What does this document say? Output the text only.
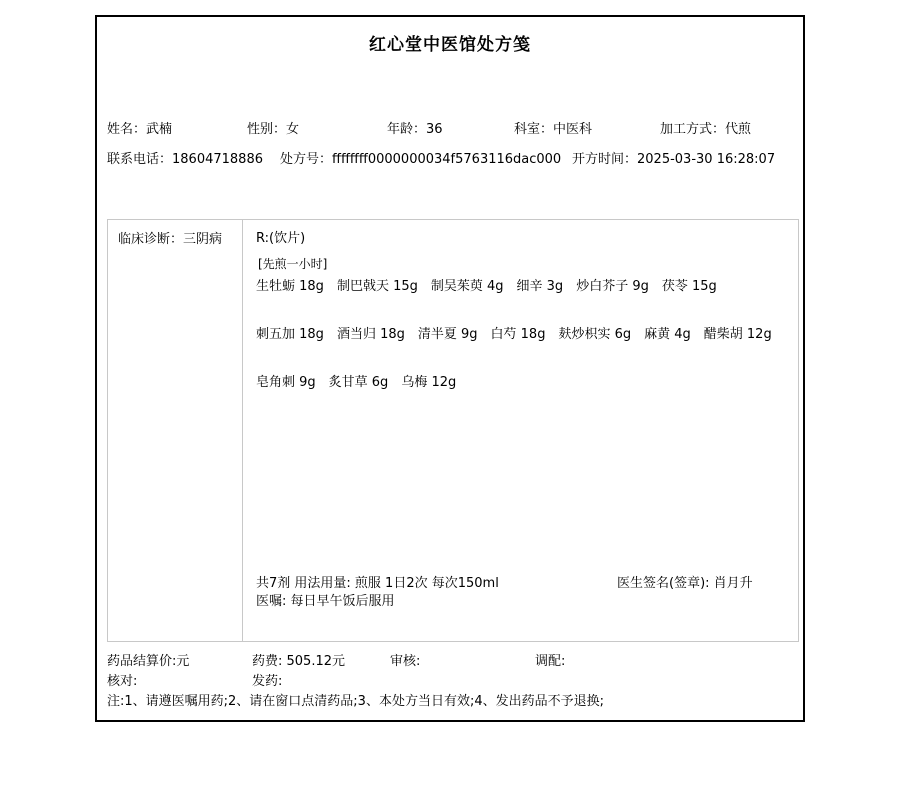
红心堂中医馆处方笺
姓名：武楠	性别：女	年龄：36	科室：中医科	加工方式：代煎
联系电话：18604718886 处方号：ffffffff0000000034f5763116dac000 开方时间：2025-03-30 16:28:07
临床诊断：三阴病	R:(饮片)
[先煎一小时]
生牡蛎 18g 制巴戟天 15g 制吴茱萸 4g 细辛 3g 炒白芥子 9g 茯苓 15g
刺五加 18g 酒当归 18g 清半夏 9g 白芍 18g 麸炒枳实 6g 麻黄 4g 醋柴胡 12g
皂角刺 9g 炙甘草 6g 乌梅 12g
共7剂 用法用量: 煎服 1日2次 每次150ml
医嘱: 每日早午饭后服用
医生签名(签章): 肖月升
药品结算价:元	药费: 505.12元	审核:	调配:
核对:	发药:
注:1、请遵医嘱用药;2、请在窗口点清药品;3、本处方当日有效;4、发出药品不予退换;
